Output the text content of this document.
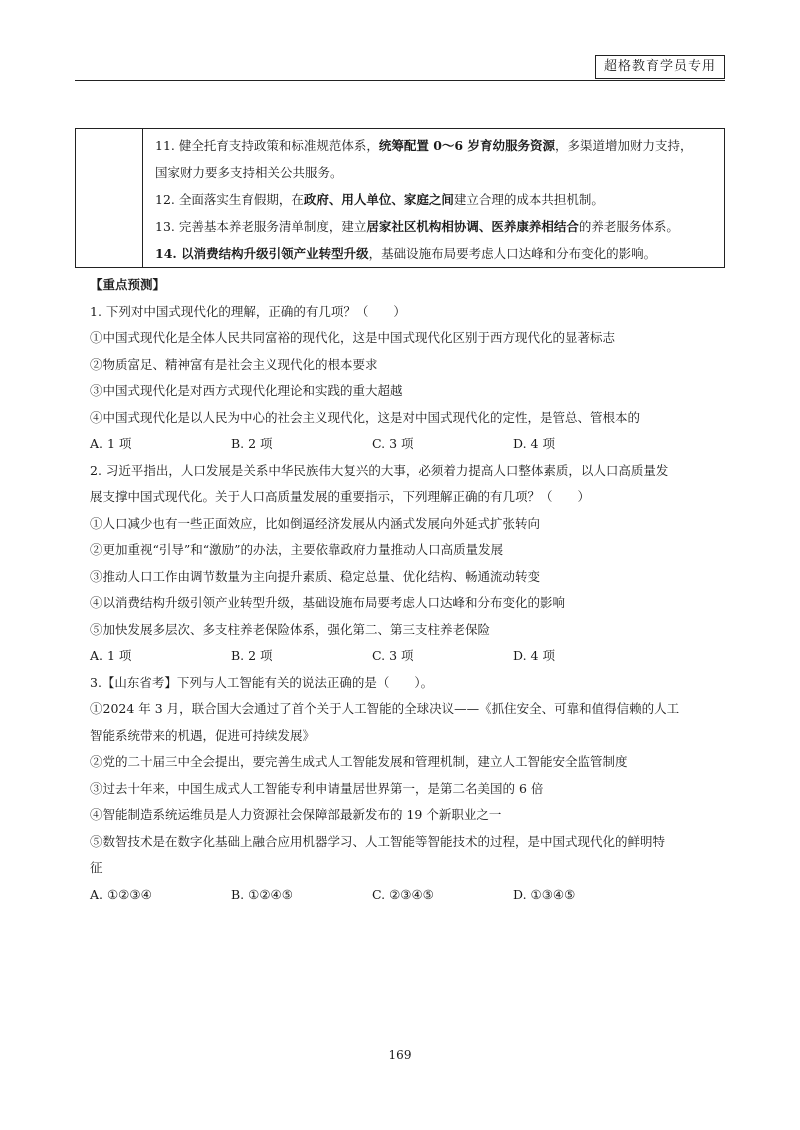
超格教育学员专用

11. 健全托育支持政策和标准规范体系，统筹配置 0～6 岁育幼服务资源，多渠道增加财力支持，

国家财力要多支持相关公共服务。

12. 全面落实生育假期，在政府、用人单位、家庭之间建立合理的成本共担机制。

13. 完善基本养老服务清单制度，建立居家社区机构相协调、医养康养相结合的养老服务体系。

14. 以消费结构升级引领产业转型升级，基础设施布局要考虑人口达峰和分布变化的影响。

【重点预测】

1. 下列对中国式现代化的理解，正确的有几项？（　　）

①中国式现代化是全体人民共同富裕的现代化，这是中国式现代化区别于西方现代化的显著标志

②物质富足、精神富有是社会主义现代化的根本要求

③中国式现代化是对西方式现代化理论和实践的重大超越

④中国式现代化是以人民为中心的社会主义现代化，这是对中国式现代化的定性，是管总、管根本的

A. 1 项	B. 2 项	C. 3 项	D. 4 项

2. 习近平指出，人口发展是关系中华民族伟大复兴的大事，必须着力提高人口整体素质，以人口高质量发

展支撑中国式现代化。关于人口高质量发展的重要指示，下列理解正确的有几项？（　　）

①人口减少也有一些正面效应，比如倒逼经济发展从内涵式发展向外延式扩张转向

②更加重视“引导”和“激励”的办法，主要依靠政府力量推动人口高质量发展

③推动人口工作由调节数量为主向提升素质、稳定总量、优化结构、畅通流动转变

④以消费结构升级引领产业转型升级，基础设施布局要考虑人口达峰和分布变化的影响

⑤加快发展多层次、多支柱养老保险体系，强化第二、第三支柱养老保险

A. 1 项	B. 2 项	C. 3 项	D. 4 项

3.【山东省考】下列与人工智能有关的说法正确的是（　　）。

①2024 年 3 月，联合国大会通过了首个关于人工智能的全球决议——《抓住安全、可靠和值得信赖的人工

智能系统带来的机遇，促进可持续发展》

②党的二十届三中全会提出，要完善生成式人工智能发展和管理机制，建立人工智能安全监管制度

③过去十年来，中国生成式人工智能专利申请量居世界第一，是第二名美国的 6 倍

④智能制造系统运维员是人力资源社会保障部最新发布的 19 个新职业之一

⑤数智技术是在数字化基础上融合应用机器学习、人工智能等智能技术的过程，是中国式现代化的鲜明特

征

A. ①②③④	B. ①②④⑤	C. ②③④⑤	D. ①③④⑤
169
